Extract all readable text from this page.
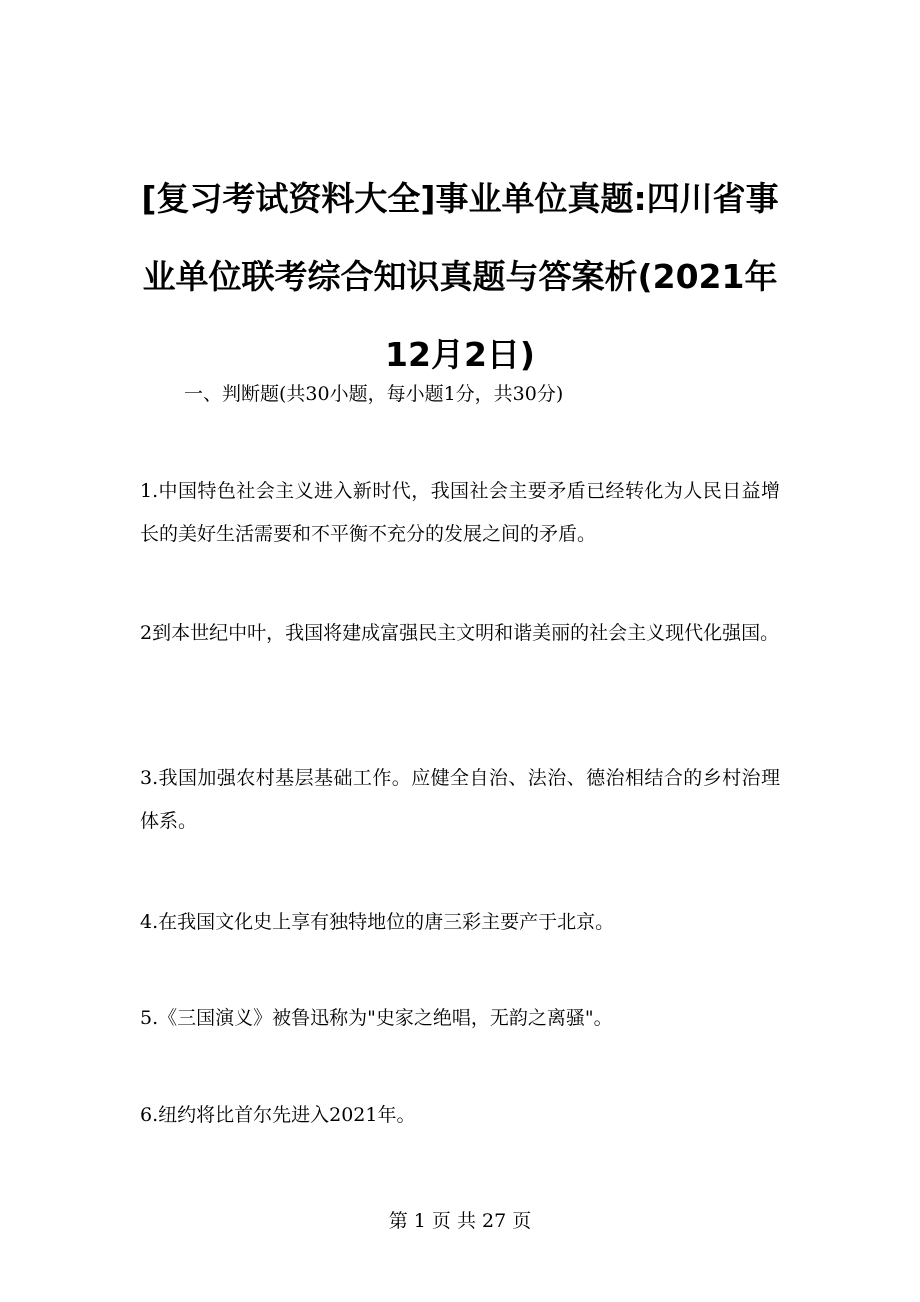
[复习考试资料大全]事业单位真题:四川省事业单位联考综合知识真题与答案析(2021年12月2日)

一、判断题(共30小题，每小题1分，共30分)

1.中国特色社会主义进入新时代，我国社会主要矛盾已经转化为人民日益增长的美好生活需要和不平衡不充分的发展之间的矛盾。

2到本世纪中叶，我国将建成富强民主文明和谐美丽的社会主义现代化强国。

3.我国加强农村基层基础工作。应健全自治、法治、德治相结合的乡村治理体系。

4.在我国文化史上享有独特地位的唐三彩主要产于北京。

5.《三国演义》被鲁迅称为"史家之绝唱，无韵之离骚"。

6.纽约将比首尔先进入2021年。

第 1 页 共 27 页
